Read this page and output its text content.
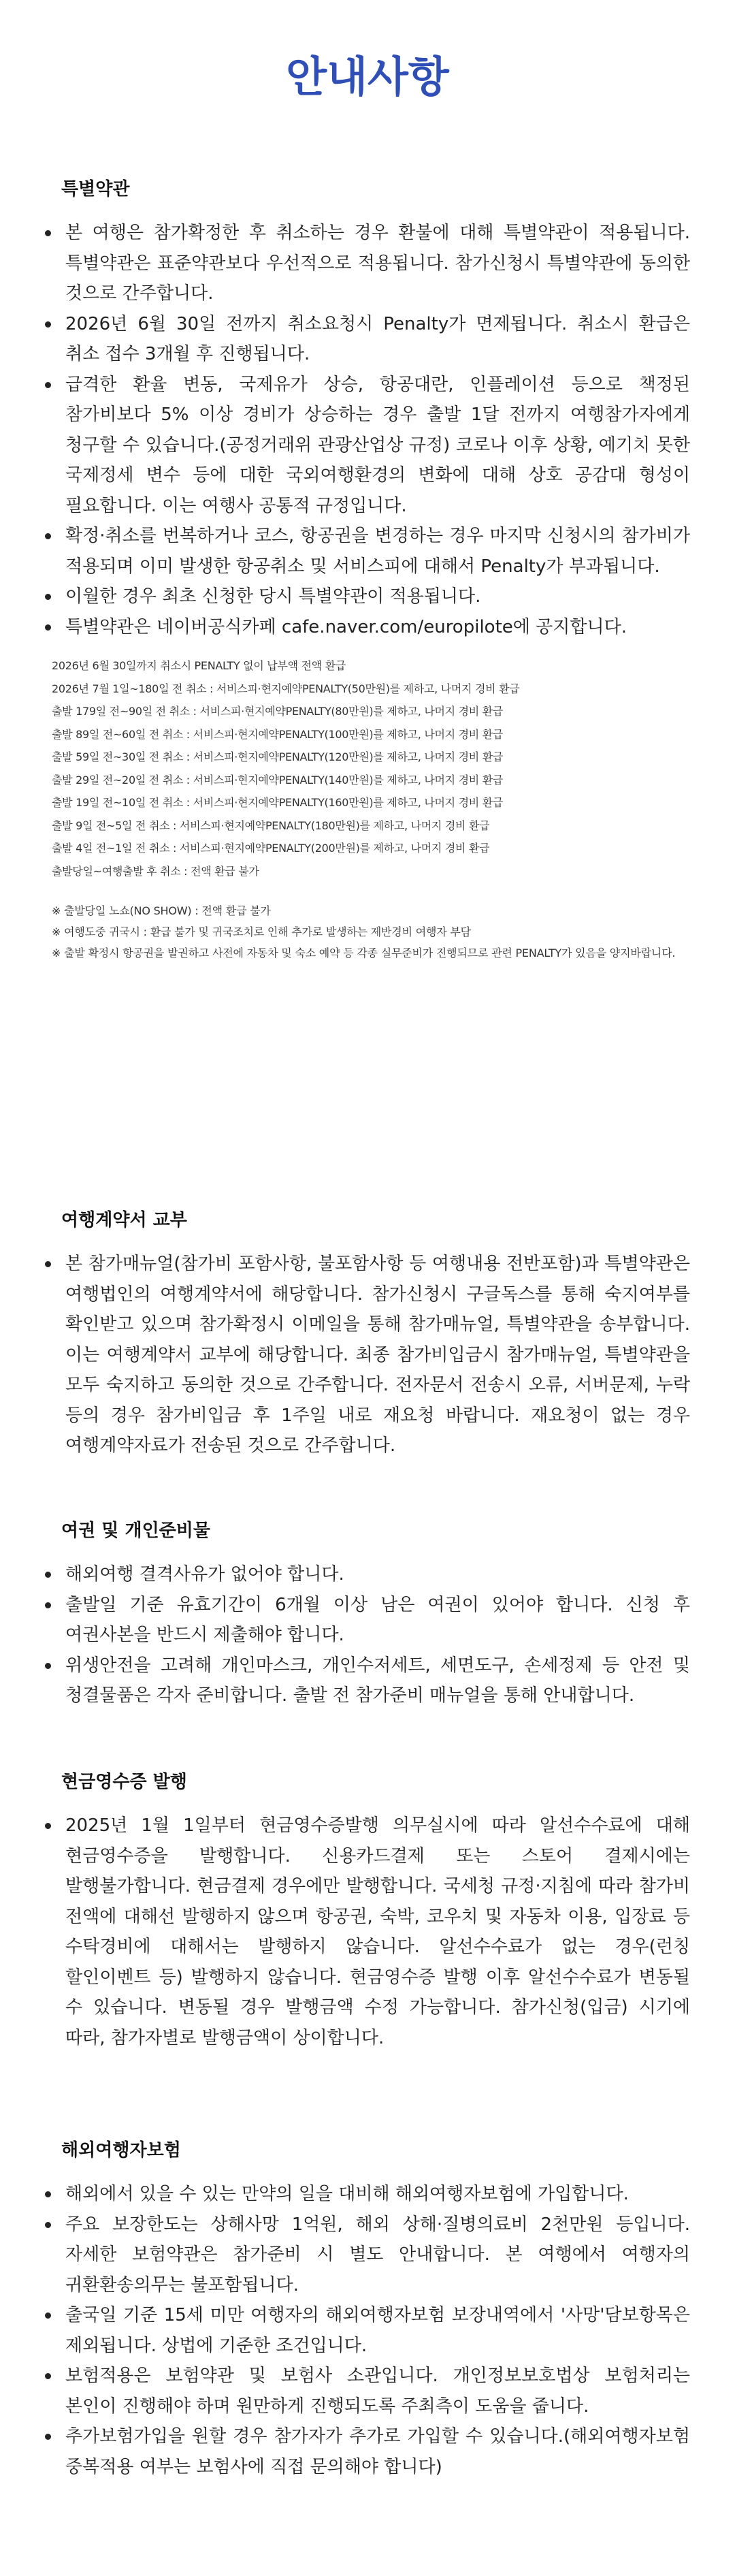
안내사항
특별약관
본 여행은 참가확정한 후 취소하는 경우 환불에 대해 특별약관이 적용됩니다. 특별약관은 표준약관보다 우선적으로 적용됩니다. 참가신청시 특별약관에 동의한 것으로 간주합니다.
2026년 6월 30일 전까지 취소요청시 Penalty가 면제됩니다. 취소시 환급은 취소 접수 3개월 후 진행됩니다.
급격한 환율 변동, 국제유가 상승, 항공대란, 인플레이션 등으로 책정된 참가비보다 5% 이상 경비가 상승하는 경우 출발 1달 전까지 여행참가자에게 청구할 수 있습니다.(공정거래위 관광산업상 규정) 코로나 이후 상황, 예기치 못한 국제정세 변수 등에 대한 국외여행환경의 변화에 대해 상호 공감대 형성이 필요합니다. 이는 여행사 공통적 규정입니다.
확정·취소를 번복하거나 코스, 항공권을 변경하는 경우 마지막 신청시의 참가비가 적용되며 이미 발생한 항공취소 및 서비스피에 대해서 Penalty가 부과됩니다.
이월한 경우 최초 신청한 당시 특별약관이 적용됩니다.
특별약관은 네이버공식카페 cafe.naver.com/europilote에 공지합니다.
2026년 6월 30일까지 취소시 PENALTY 없이 납부액 전액 환급
2026년 7월 1일~180일 전 취소 : 서비스피·현지예약PENALTY(50만원)를 제하고, 나머지 경비 환급
출발 179일 전~90일 전 취소 : 서비스피·현지예약PENALTY(80만원)를 제하고, 나머지 경비 환급
출발 89일 전~60일 전 취소 : 서비스피·현지예약PENALTY(100만원)를 제하고, 나머지 경비 환급
출발 59일 전~30일 전 취소 : 서비스피·현지예약PENALTY(120만원)를 제하고, 나머지 경비 환급
출발 29일 전~20일 전 취소 : 서비스피·현지예약PENALTY(140만원)를 제하고, 나머지 경비 환급
출발 19일 전~10일 전 취소 : 서비스피·현지예약PENALTY(160만원)를 제하고, 나머지 경비 환급
출발 9일 전~5일 전 취소 : 서비스피·현지예약PENALTY(180만원)를 제하고, 나머지 경비 환급
출발 4일 전~1일 전 취소 : 서비스피·현지예약PENALTY(200만원)를 제하고, 나머지 경비 환급
출발당일~여행출발 후 취소 : 전액 환급 불가

※ 출발당일 노쇼(NO SHOW) : 전액 환급 불가

※ 여행도중 귀국시 : 환급 불가 및 귀국조치로 인해 추가로 발생하는 제반경비 여행자 부담

※ 출발 확정시 항공권을 발권하고 사전에 자동차 및 숙소 예약 등 각종 실무준비가 진행되므로 관련 PENALTY가 있음을 양지바랍니다.

여행계약서 교부
본 참가매뉴얼(참가비 포함사항, 불포함사항 등 여행내용 전반포함)과 특별약관은 여행법인의 여행계약서에 해당합니다. 참가신청시 구글독스를 통해 숙지여부를 확인받고 있으며 참가확정시 이메일을 통해 참가매뉴얼, 특별약관을 송부합니다. 이는 여행계약서 교부에 해당합니다. 최종 참가비입금시 참가매뉴얼, 특별약관을 모두 숙지하고 동의한 것으로 간주합니다. 전자문서 전송시 오류, 서버문제, 누락 등의 경우 참가비입금 후 1주일 내로 재요청 바랍니다. 재요청이 없는 경우 여행계약자료가 전송된 것으로 간주합니다.
여권 및 개인준비물
해외여행 결격사유가 없어야 합니다.
출발일 기준 유효기간이 6개월 이상 남은 여권이 있어야 합니다. 신청 후 여권사본을 반드시 제출해야 합니다.
위생안전을 고려해 개인마스크, 개인수저세트, 세면도구, 손세정제 등 안전 및 청결물품은 각자 준비합니다. 출발 전 참가준비 매뉴얼을 통해 안내합니다.
현금영수증 발행
2025년 1월 1일부터 현금영수증발행 의무실시에 따라 알선수수료에 대해 현금영수증을 발행합니다. 신용카드결제 또는 스토어 결제시에는 발행불가합니다. 현금결제 경우에만 발행합니다. 국세청 규정·지침에 따라 참가비 전액에 대해선 발행하지 않으며 항공권, 숙박, 코우치 및 자동차 이용, 입장료 등 수탁경비에 대해서는 발행하지 않습니다. 알선수수료가 없는 경우(런칭 할인이벤트 등) 발행하지 않습니다. 현금영수증 발행 이후 알선수수료가 변동될 수 있습니다. 변동될 경우 발행금액 수정 가능합니다. 참가신청(입금) 시기에 따라, 참가자별로 발행금액이 상이합니다.
해외여행자보험
해외에서 있을 수 있는 만약의 일을 대비해 해외여행자보험에 가입합니다.
주요 보장한도는 상해사망 1억원, 해외 상해·질병의료비 2천만원 등입니다. 자세한 보험약관은 참가준비 시 별도 안내합니다. 본 여행에서 여행자의 귀환환송의무는 불포함됩니다.
출국일 기준 15세 미만 여행자의 해외여행자보험 보장내역에서 '사망'담보항목은 제외됩니다. 상법에 기준한 조건입니다.
보험적용은 보험약관 및 보험사 소관입니다. 개인정보보호법상 보험처리는 본인이 진행해야 하며 원만하게 진행되도록 주최측이 도움을 줍니다.
추가보험가입을 원할 경우 참가자가 추가로 가입할 수 있습니다.(해외여행자보험 중복적용 여부는 보험사에 직접 문의해야 합니다)
